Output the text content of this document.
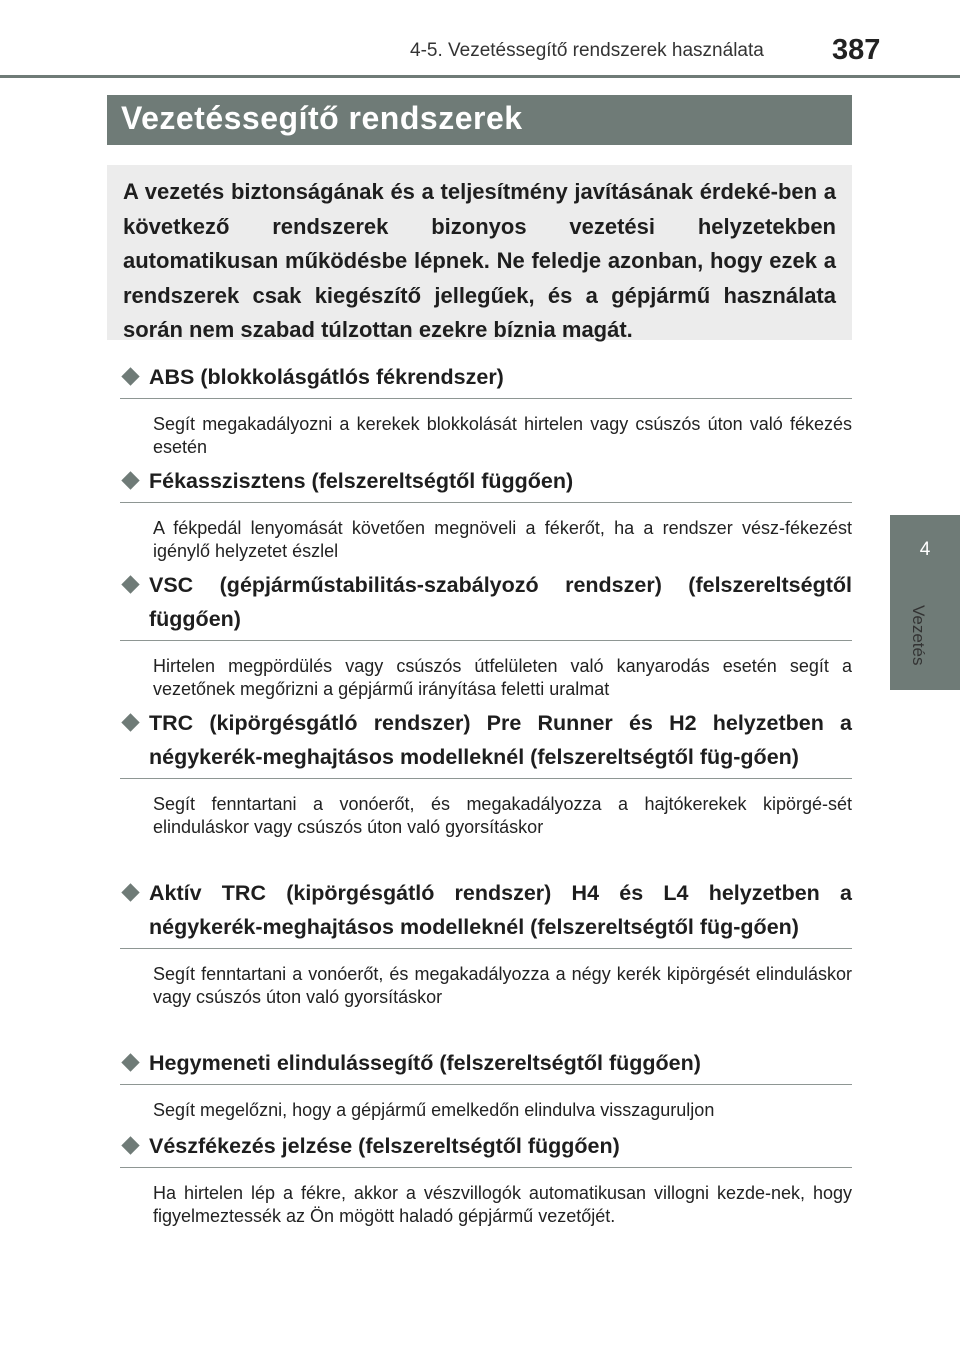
4-5. Vezetéssegítő rendszerek használata 387
4
Vezetés
Vezetéssegítő rendszerek

A vezetés biztonságának és a teljesítmény javításának érdeké-ben a következő rendszerek bizonyos vezetési helyzetekben automatikusan működésbe lépnek. Ne feledje azonban, hogy ezek a rendszerek csak kiegészítő jellegűek, és a gépjármű használata során nem szabad túlzottan ezekre bíznia magát.

ABS (blokkolásgátlós fékrendszer)
Segít megakadályozni a kerekek blokkolását hirtelen vagy csúszós úton való fékezés esetén
Fékasszisztens (felszereltségtől függően)
A fékpedál lenyomását követően megnöveli a fékerőt, ha a rendszer vész-fékezést igénylő helyzetet észlel
VSC (gépjárműstabilitás-szabályozó rendszer) (felszereltségtől függően)
Hirtelen megpördülés vagy csúszós útfelületen való kanyarodás esetén segít a vezetőnek megőrizni a gépjármű irányítása feletti uralmat
TRC (kipörgésgátló rendszer) Pre Runner és H2 helyzetben a négykerék-meghajtásos modelleknél (felszereltségtől füg-gően)
Segít fenntartani a vonóerőt, és megakadályozza a hajtókerekek kipörgé-sét elinduláskor vagy csúszós úton való gyorsításkor
Aktív TRC (kipörgésgátló rendszer) H4 és L4 helyzetben a négykerék-meghajtásos modelleknél (felszereltségtől füg-gően)
Segít fenntartani a vonóerőt, és megakadályozza a négy kerék kipörgését elinduláskor vagy csúszós úton való gyorsításkor
Hegymeneti elindulássegítő (felszereltségtől függően)
Segít megelőzni, hogy a gépjármű emelkedőn elindulva visszaguruljon
Vészfékezés jelzése (felszereltségtől függően)
Ha hirtelen lép a fékre, akkor a vészvillogók automatikusan villogni kezde-nek, hogy figyelmeztessék az Ön mögött haladó gépjármű vezetőjét.
